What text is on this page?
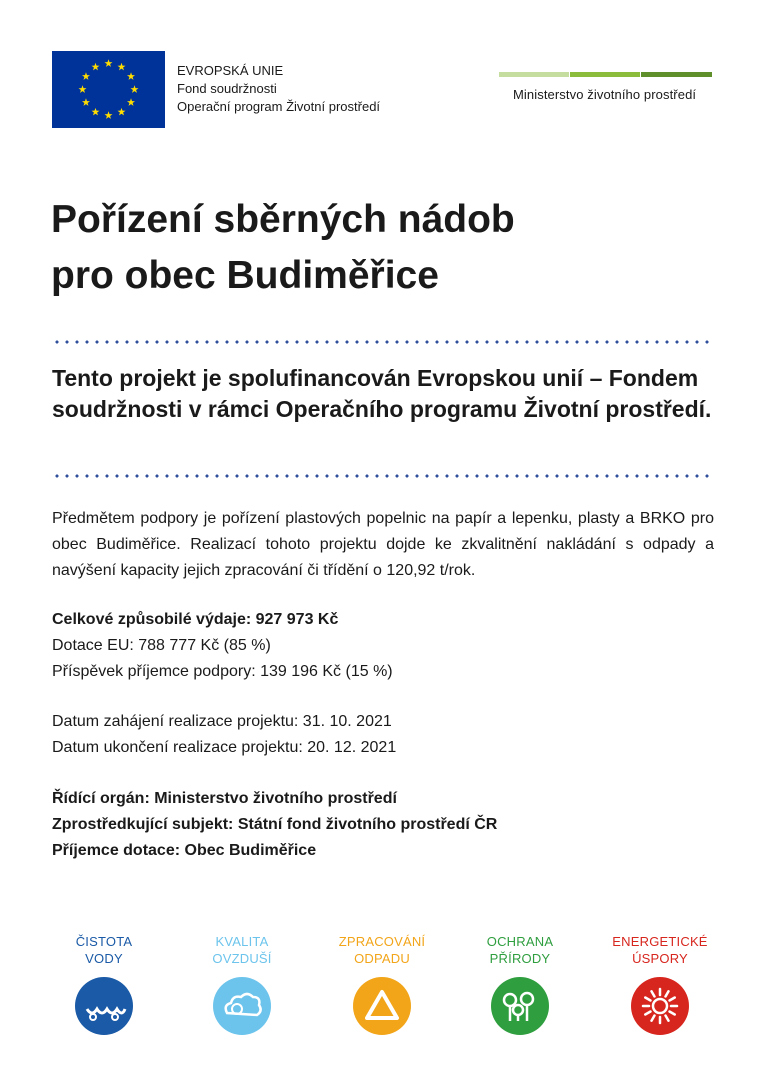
EVROPSKÁ UNIE
Fond soudržnosti
Operační program Životní prostředí
Ministerstvo životního prostředí
Pořízení sběrných nádob
pro obec Budiměřice

Tento projekt je spolufinancován Evropskou unií – Fondem soudržnosti v rámci Operačního programu Životní prostředí.

Předmětem podpory je pořízení plastových popelnic na papír a lepenku, plasty a BRKO pro obec Budiměřice. Realizací tohoto projektu dojde ke zkvalitnění nakládání s odpady a navýšení kapacity jejich zpracování či třídění o 120,92 t/rok.

Celkové způsobilé výdaje: 927 973 Kč
Dotace EU: 788 777 Kč (85 %)
Příspěvek příjemce podpory: 139 196 Kč (15 %)
Datum zahájení realizace projektu: 31. 10. 2021
Datum ukončení realizace projektu: 20. 12. 2021
Řídící orgán: Ministerstvo životního prostředí
Zprostředkující subjekt: Státní fond životního prostředí ČR
Příjemce dotace: Obec Budiměřice
ČISTOTA
VODY
KVALITA
OVZDUŠÍ
ZPRACOVÁNÍ
ODPADU
OCHRANA
PŘÍRODY
ENERGETICKÉ
ÚSPORY
